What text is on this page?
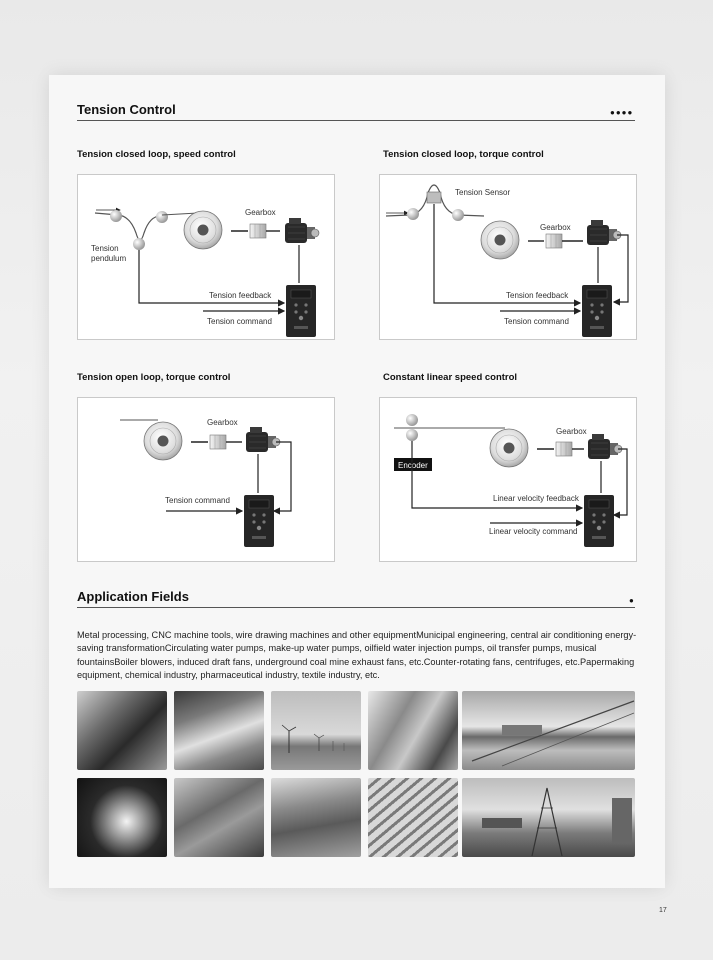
Tension Control	●●●●
Tension closed loop, speed control	Tension closed loop, torque control
Tension open loop, torque control	Constant linear speed control
Gearbox
Tension
pendulum
Tension feedback
Tension command
Tension Sensor
Gearbox
Tension feedback
Tension command
Gearbox
Tension command
Encoder
Gearbox
Linear velocity feedback
Linear velocity command
Application Fields	●
Metal processing, CNC machine tools, wire drawing machines and other equipmentMunicipal engineering, central air conditioning energy-saving transformationCirculating water pumps, make-up water pumps, oilfield water injection pumps, oil transfer pumps, musical fountainsBoiler blowers, induced draft fans, underground coal mine exhaust fans, etc.Counter-rotating fans, centrifuges, etc.Papermaking equipment, chemical industry, pharmaceutical industry, textile industry, etc.
17
